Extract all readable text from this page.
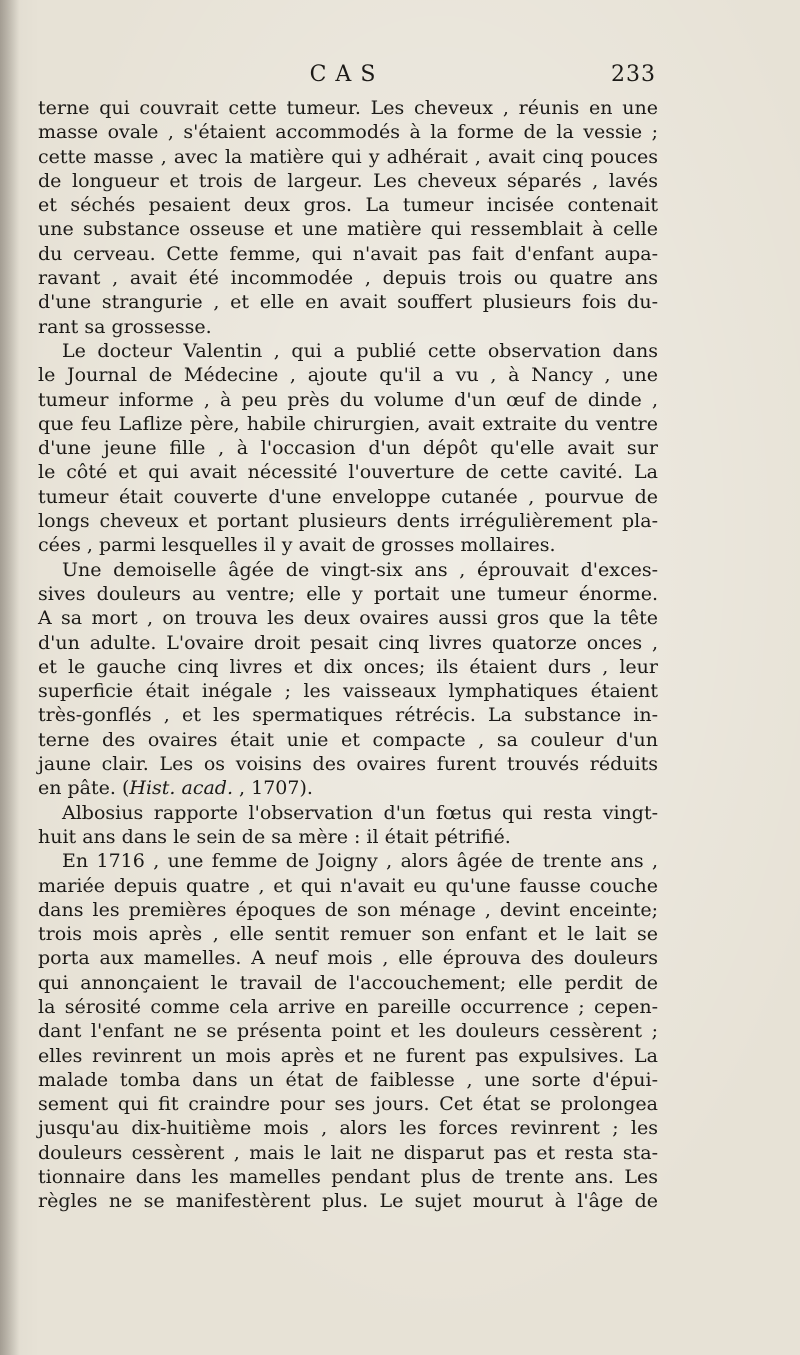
CAS	233
terne qui couvrait cette tumeur. Les cheveux , réunis en une
masse ovale , s'étaient accommodés à la forme de la vessie ;
cette masse , avec la matière qui y adhérait , avait cinq pouces
de longueur et trois de largeur. Les cheveux séparés , lavés
et séchés pesaient deux gros. La tumeur incisée contenait
une substance osseuse et une matière qui ressemblait à celle
du cerveau. Cette femme, qui n'avait pas fait d'enfant aupa-
ravant , avait été incommodée , depuis trois ou quatre ans
d'une strangurie , et elle en avait souffert plusieurs fois du-
rant sa grossesse.
Le docteur Valentin , qui a publié cette observation dans
le Journal de Médecine , ajoute qu'il a vu , à Nancy , une
tumeur informe , à peu près du volume d'un œuf de dinde ,
que feu Laflize père, habile chirurgien, avait extraite du ventre
d'une jeune fille , à l'occasion d'un dépôt qu'elle avait sur
le côté et qui avait nécessité l'ouverture de cette cavité. La
tumeur était couverte d'une enveloppe cutanée , pourvue de
longs cheveux et portant plusieurs dents irrégulièrement pla-
cées , parmi lesquelles il y avait de grosses mollaires.
Une demoiselle âgée de vingt-six ans , éprouvait d'exces-
sives douleurs au ventre; elle y portait une tumeur énorme.
A sa mort , on trouva les deux ovaires aussi gros que la tête
d'un adulte. L'ovaire droit pesait cinq livres quatorze onces ,
et le gauche cinq livres et dix onces; ils étaient durs , leur
superficie était inégale ; les vaisseaux lymphatiques étaient
très-gonflés , et les spermatiques rétrécis. La substance in-
terne des ovaires était unie et compacte , sa couleur d'un
jaune clair. Les os voisins des ovaires furent trouvés réduits
en pâte. (Hist. acad. , 1707).
Albosius rapporte l'observation d'un fœtus qui resta vingt-
huit ans dans le sein de sa mère : il était pétrifié.
En 1716 , une femme de Joigny , alors âgée de trente ans ,
mariée depuis quatre , et qui n'avait eu qu'une fausse couche
dans les premières époques de son ménage , devint enceinte;
trois mois après , elle sentit remuer son enfant et le lait se
porta aux mamelles. A neuf mois , elle éprouva des douleurs
qui annonçaient le travail de l'accouchement; elle perdit de
la sérosité comme cela arrive en pareille occurrence ; cepen-
dant l'enfant ne se présenta point et les douleurs cessèrent ;
elles revinrent un mois après et ne furent pas expulsives. La
malade tomba dans un état de faiblesse , une sorte d'épui-
sement qui fit craindre pour ses jours. Cet état se prolongea
jusqu'au dix-huitième mois , alors les forces revinrent ; les
douleurs cessèrent , mais le lait ne disparut pas et resta sta-
tionnaire dans les mamelles pendant plus de trente ans. Les
règles ne se manifestèrent plus. Le sujet mourut à l'âge de
